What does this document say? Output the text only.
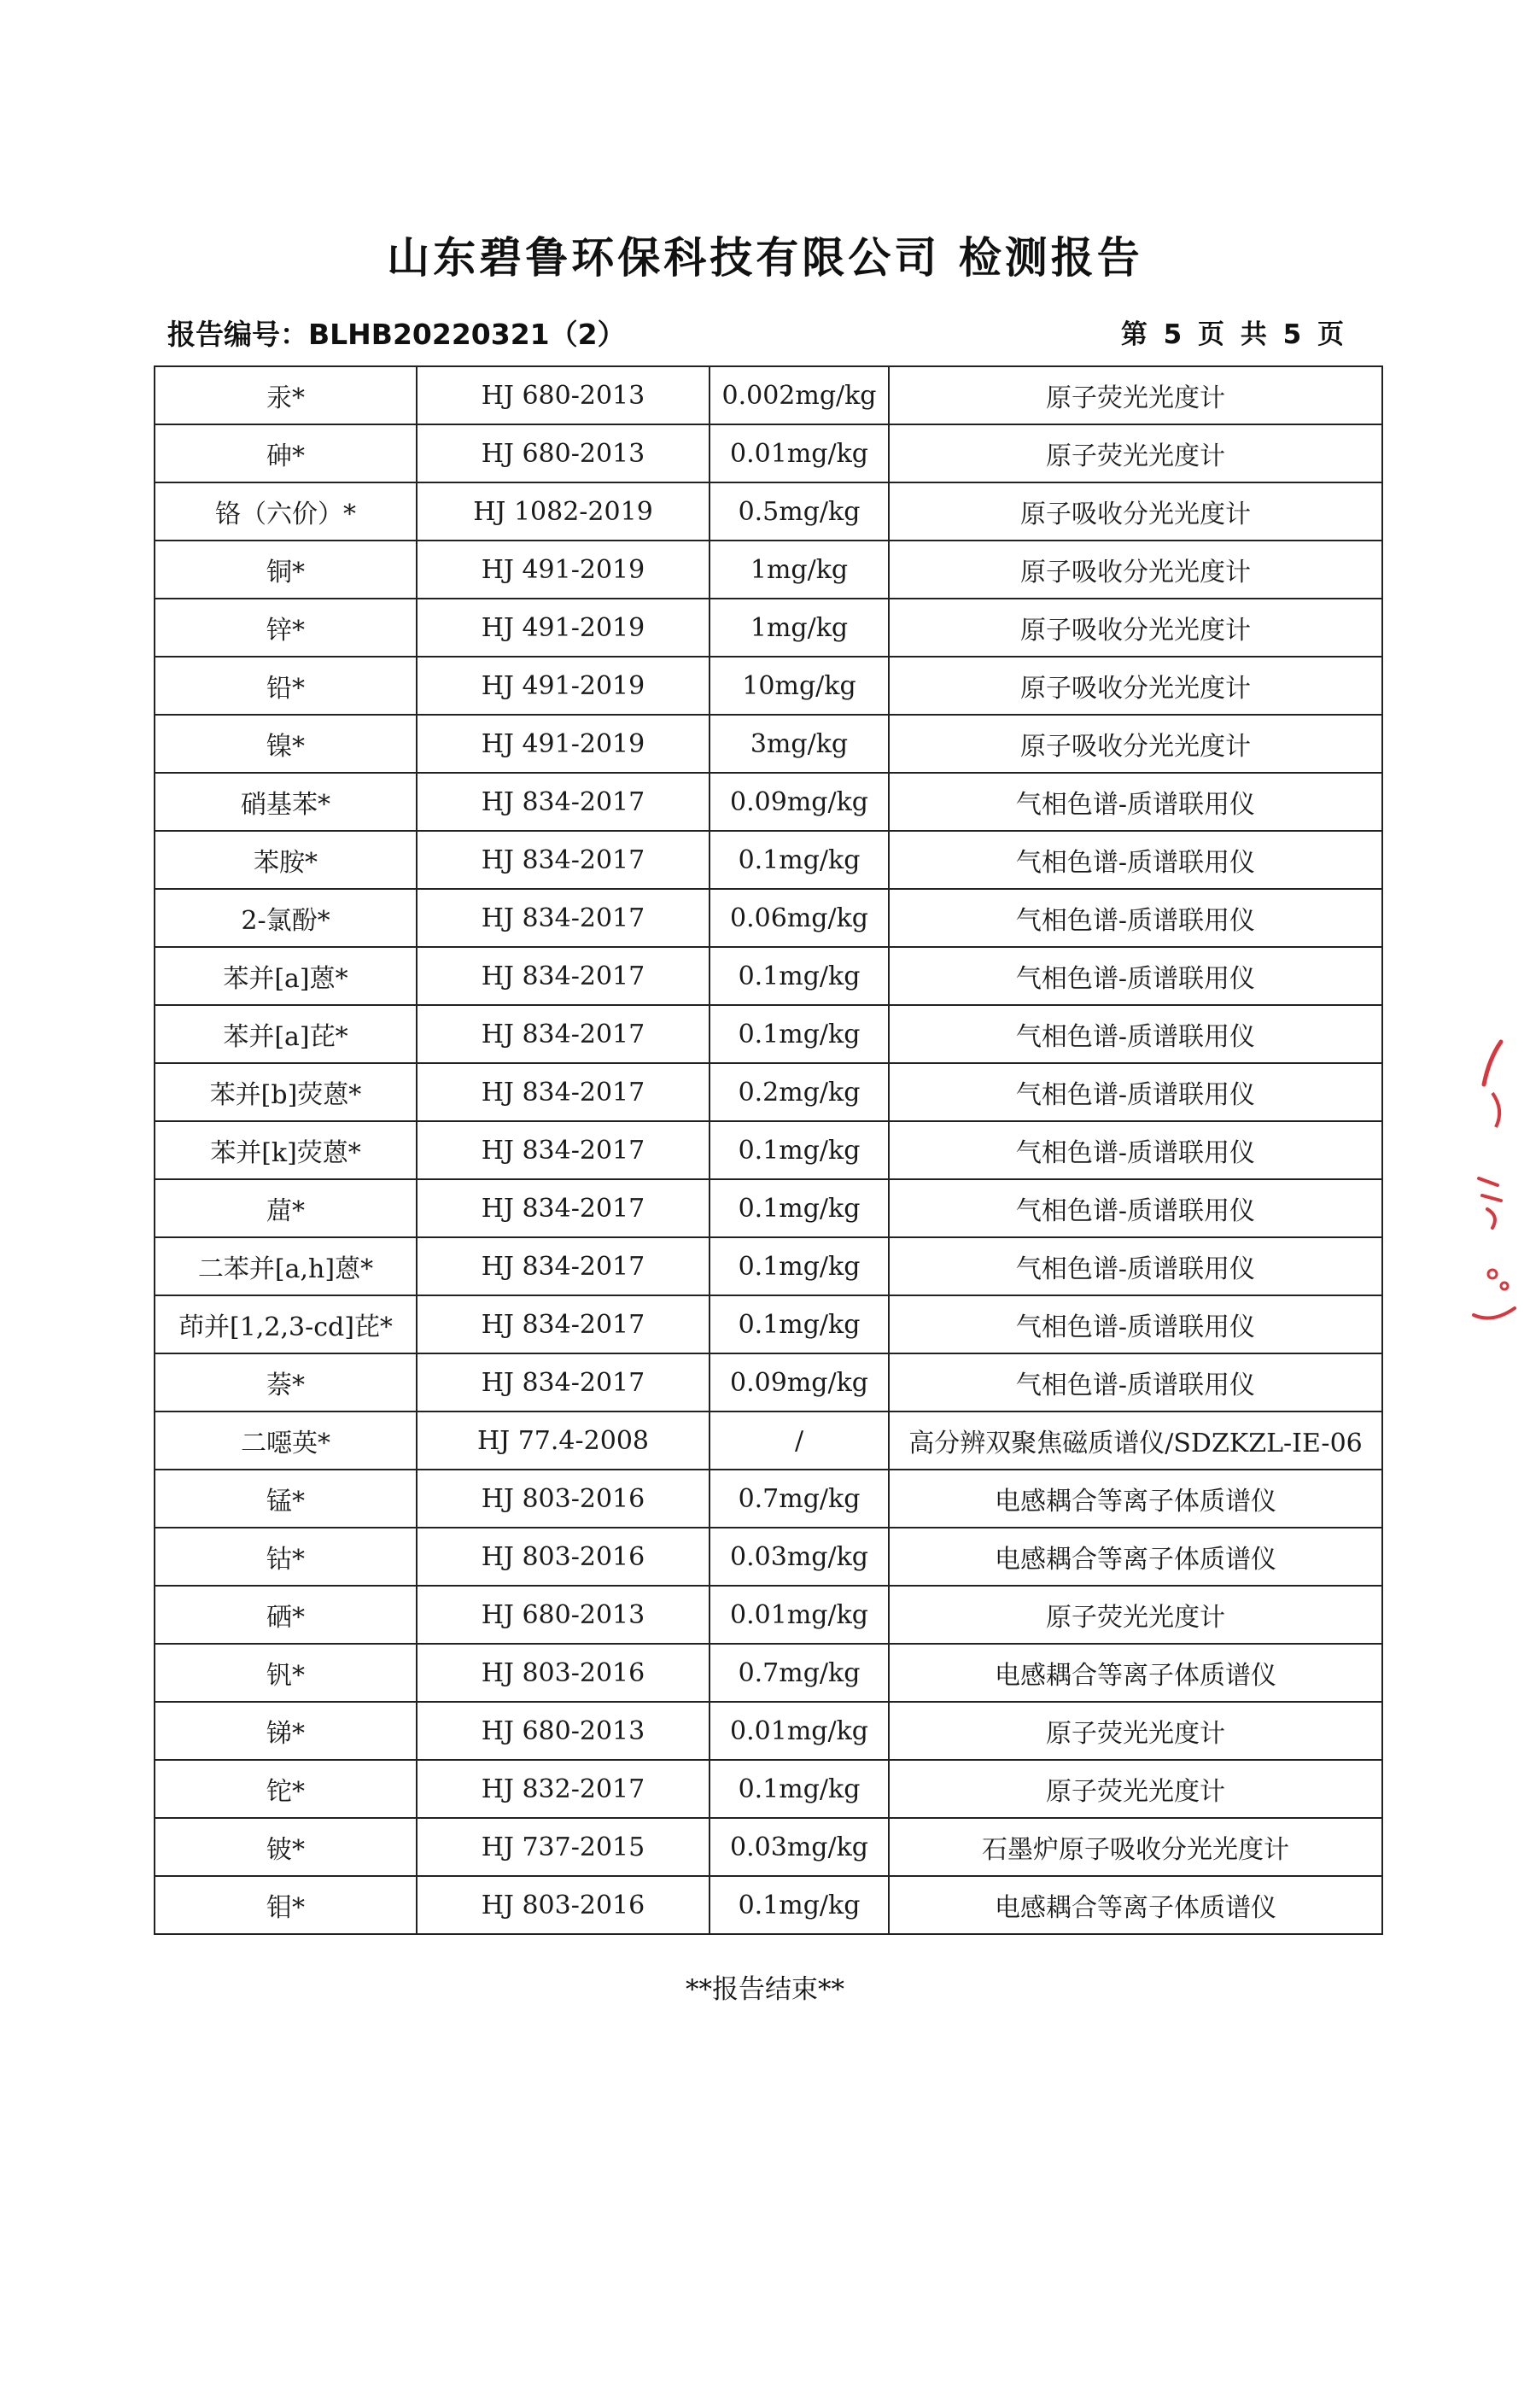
山东碧鲁环保科技有限公司 检测报告
报告编号：BLHB20220321（2）	第 5 页 共 5 页
汞*	HJ 680-2013	0.002mg/kg	原子荧光光度计
砷*	HJ 680-2013	0.01mg/kg	原子荧光光度计
铬（六价）*	HJ 1082-2019	0.5mg/kg	原子吸收分光光度计
铜*	HJ 491-2019	1mg/kg	原子吸收分光光度计
锌*	HJ 491-2019	1mg/kg	原子吸收分光光度计
铅*	HJ 491-2019	10mg/kg	原子吸收分光光度计
镍*	HJ 491-2019	3mg/kg	原子吸收分光光度计
硝基苯*	HJ 834-2017	0.09mg/kg	气相色谱-质谱联用仪
苯胺*	HJ 834-2017	0.1mg/kg	气相色谱-质谱联用仪
2-氯酚*	HJ 834-2017	0.06mg/kg	气相色谱-质谱联用仪
苯并[a]蒽*	HJ 834-2017	0.1mg/kg	气相色谱-质谱联用仪
苯并[a]芘*	HJ 834-2017	0.1mg/kg	气相色谱-质谱联用仪
苯并[b]荧蒽*	HJ 834-2017	0.2mg/kg	气相色谱-质谱联用仪
苯并[k]荧蒽*	HJ 834-2017	0.1mg/kg	气相色谱-质谱联用仪
䓛*	HJ 834-2017	0.1mg/kg	气相色谱-质谱联用仪
二苯并[a,h]蒽*	HJ 834-2017	0.1mg/kg	气相色谱-质谱联用仪
茚并[1,2,3-cd]芘*	HJ 834-2017	0.1mg/kg	气相色谱-质谱联用仪
萘*	HJ 834-2017	0.09mg/kg	气相色谱-质谱联用仪
二噁英*	HJ 77.4-2008	/	高分辨双聚焦磁质谱仪/SDZKZL-IE-06
锰*	HJ 803-2016	0.7mg/kg	电感耦合等离子体质谱仪
钴*	HJ 803-2016	0.03mg/kg	电感耦合等离子体质谱仪
硒*	HJ 680-2013	0.01mg/kg	原子荧光光度计
钒*	HJ 803-2016	0.7mg/kg	电感耦合等离子体质谱仪
锑*	HJ 680-2013	0.01mg/kg	原子荧光光度计
铊*	HJ 832-2017	0.1mg/kg	原子荧光光度计
铍*	HJ 737-2015	0.03mg/kg	石墨炉原子吸收分光光度计
钼*	HJ 803-2016	0.1mg/kg	电感耦合等离子体质谱仪
**报告结束**
